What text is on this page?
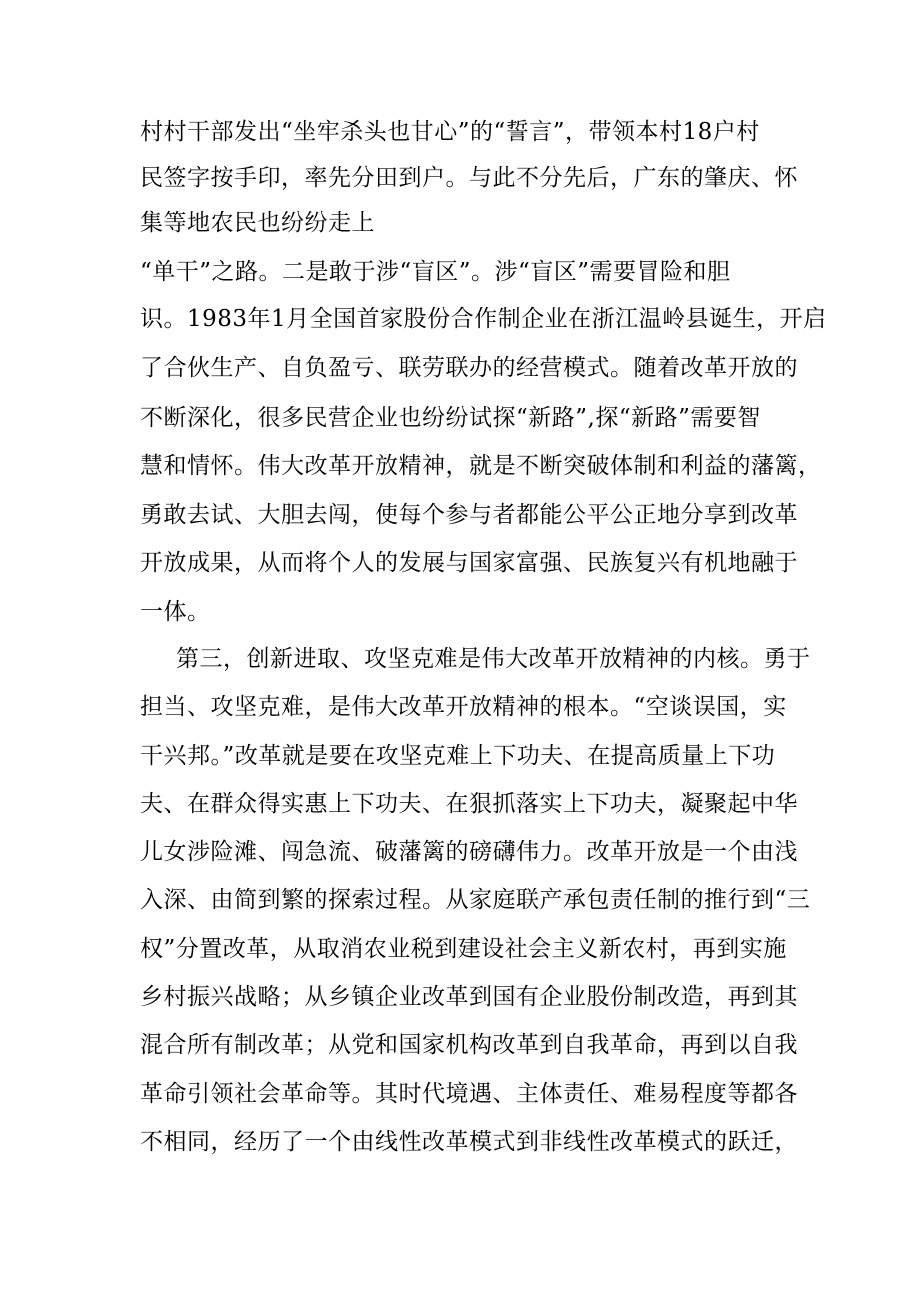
村村干部发出“坐牢杀头也甘心”的“誓言”，带领本村18户村
民签字按手印，率先分田到户。与此不分先后，广东的肇庆、怀
集等地农民也纷纷走上
“单干”之路。二是敢于涉“盲区”。涉“盲区”需要冒险和胆
识。1983年1月全国首家股份合作制企业在浙江温岭县诞生，开启
了合伙生产、自负盈亏、联劳联办的经营模式。随着改革开放的
不断深化，很多民营企业也纷纷试探“新路”,探“新路”需要智
慧和情怀。伟大改革开放精神，就是不断突破体制和利益的藩篱，
勇敢去试、大胆去闯，使每个参与者都能公平公正地分享到改革
开放成果，从而将个人的发展与国家富强、民族复兴有机地融于
一体。
第三，创新进取、攻坚克难是伟大改革开放精神的内核。勇于
担当、攻坚克难，是伟大改革开放精神的根本。“空谈误国，实
干兴邦。”改革就是要在攻坚克难上下功夫、在提高质量上下功
夫、在群众得实惠上下功夫、在狠抓落实上下功夫，凝聚起中华
儿女涉险滩、闯急流、破藩篱的磅礴伟力。改革开放是一个由浅
入深、由简到繁的探索过程。从家庭联产承包责任制的推行到“三
权”分置改革，从取消农业税到建设社会主义新农村，再到实施
乡村振兴战略；从乡镇企业改革到国有企业股份制改造，再到其
混合所有制改革；从党和国家机构改革到自我革命，再到以自我
革命引领社会革命等。其时代境遇、主体责任、难易程度等都各
不相同，经历了一个由线性改革模式到非线性改革模式的跃迁，
